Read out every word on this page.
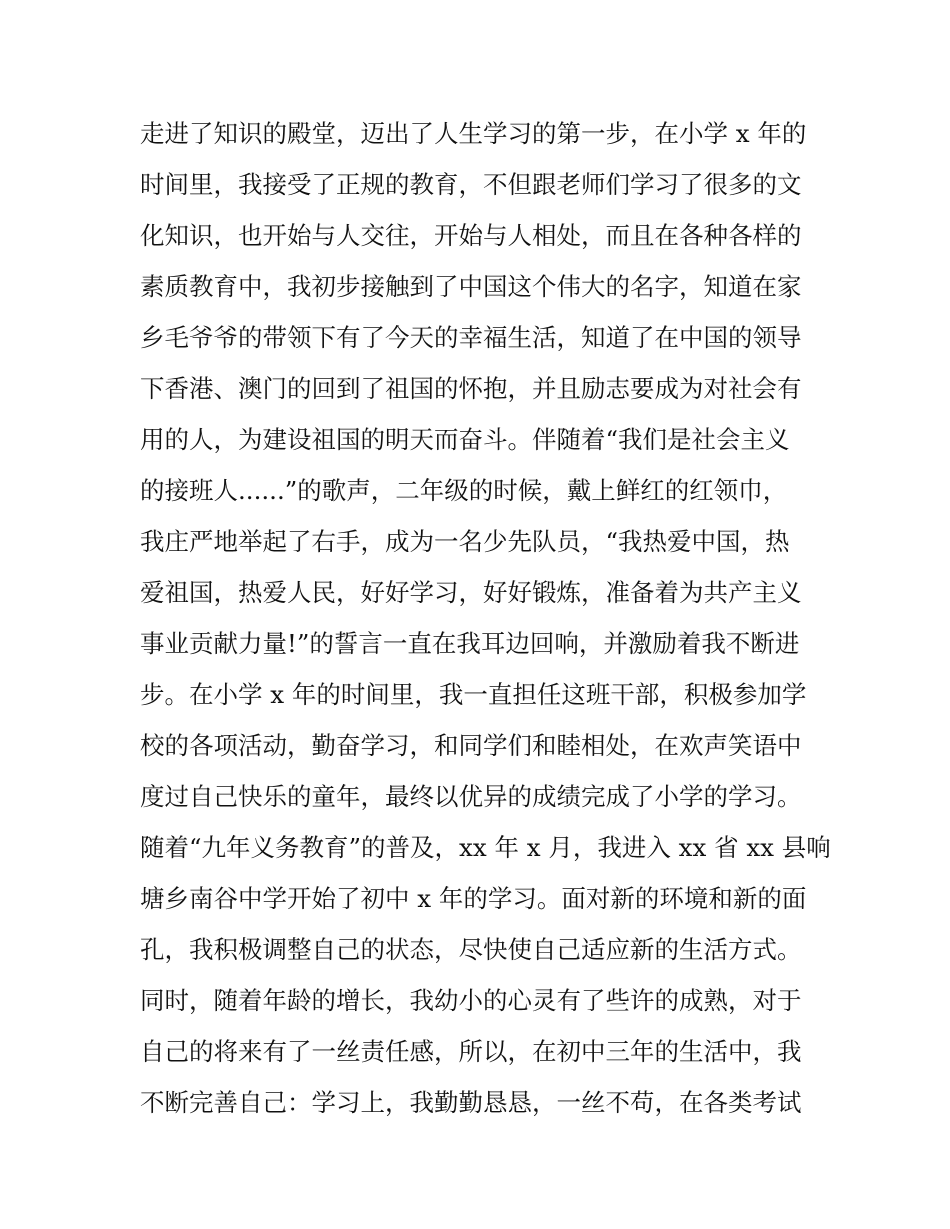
走进了知识的殿堂，迈出了人生学习的第一步，在小学 x 年的
时间里，我接受了正规的教育，不但跟老师们学习了很多的文
化知识，也开始与人交往，开始与人相处，而且在各种各样的
素质教育中，我初步接触到了中国这个伟大的名字，知道在家
乡毛爷爷的带领下有了今天的幸福生活，知道了在中国的领导
下香港、澳门的回到了祖国的怀抱，并且励志要成为对社会有
用的人，为建设祖国的明天而奋斗。伴随着“我们是社会主义
的接班人......”的歌声，二年级的时候，戴上鲜红的红领巾，
我庄严地举起了右手，成为一名少先队员，“我热爱中国，热
爱祖国，热爱人民，好好学习，好好锻炼，准备着为共产主义
事业贡献力量!”的誓言一直在我耳边回响，并激励着我不断进
步。在小学 x 年的时间里，我一直担任这班干部，积极参加学
校的各项活动，勤奋学习，和同学们和睦相处，在欢声笑语中
度过自己快乐的童年，最终以优异的成绩完成了小学的学习。
随着“九年义务教育”的普及，xx 年 x 月，我进入 xx 省 xx 县响
塘乡南谷中学开始了初中 x 年的学习。面对新的环境和新的面
孔，我积极调整自己的状态，尽快使自己适应新的生活方式。
同时，随着年龄的增长，我幼小的心灵有了些许的成熟，对于
自己的将来有了一丝责任感，所以，在初中三年的生活中，我
不断完善自己：学习上，我勤勤恳恳，一丝不苟，在各类考试
